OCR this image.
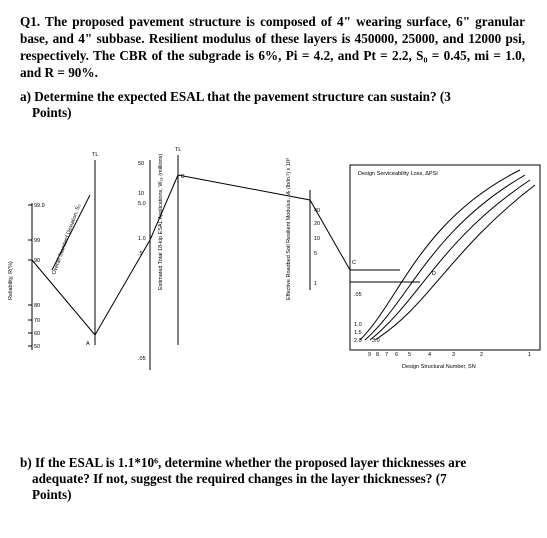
Q1. The proposed pavement structure is composed of 4" wearing surface, 6" granular base, and 4" subbase. Resilient modulus of these layers is 450000, 25000, and 12000 psi, respectively. The CBR of the subgrade is 6%, Pi = 4.2, and Pt = 2.2, S₀ = 0.45, mi = 1.0, and R = 90%.

a) Determine the expected ESAL that the pavement structure can sustain? (3
Points)

Reliability, R(%)
99.9
99
90
80
70
60
50
Overall Standard Deviation, S₀
TL
TL
Estimated Total 18-kip ESAL Applications, W₁₈ (millions)
50
10
5.0
1.0
.5
.05
Effective Roadbed Soil Resilient Modulus, Mᵣ (lb/in.²) x 10³	40
20
10
5
1
A
B
C
D
Design Serviceability Loss, ΔPSI
.05
1.0
1.5
2.0 3.0
9 8 7 6 5	4	3	2	1
Design Structural Number, SN

b) If the ESAL is 1.1*10⁶, determine whether the proposed layer thicknesses are
adequate? If not, suggest the required changes in the layer thicknesses? (7
Points)
